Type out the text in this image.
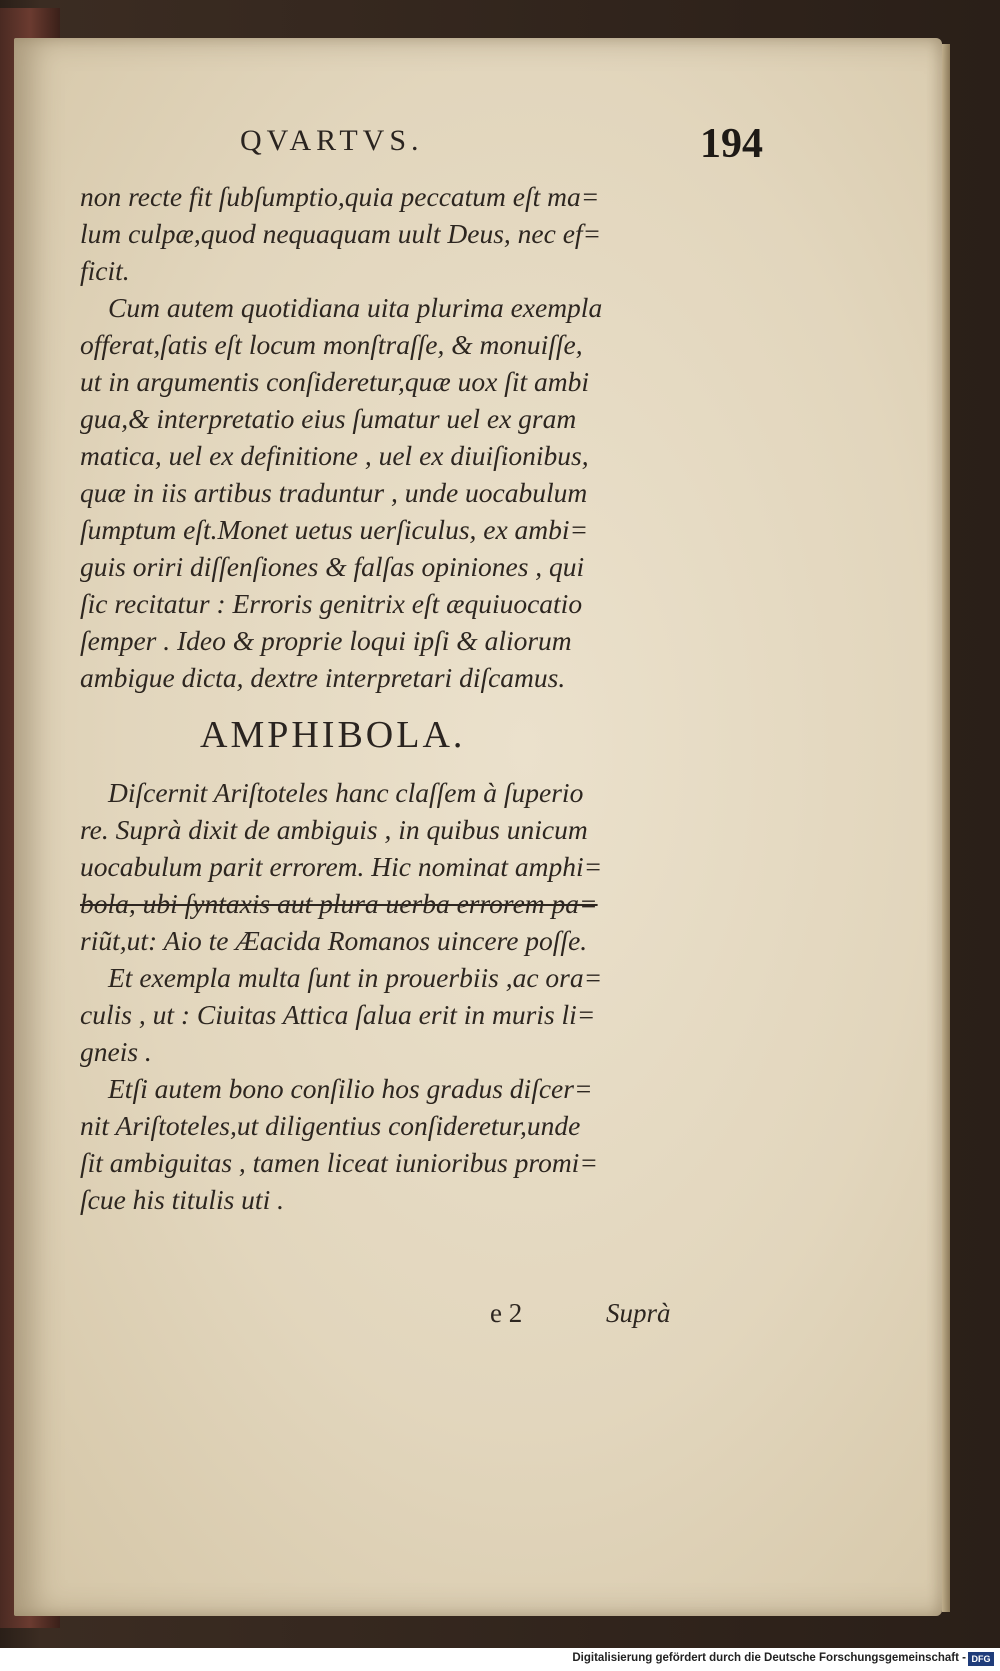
QVARTVS.	194
non recte fit ſubſumptio,quia peccatum eſt ma=
lum culpæ,quod nequaquam uult Deus, nec ef=
ficit.
Cum autem quotidiana uita plurima exempla
offerat,ſatis eſt locum monſtraſſe, & monuiſſe,
ut in argumentis conſideretur,quæ uox ſit ambi
gua,& interpretatio eius ſumatur uel ex gram
matica, uel ex definitione , uel ex diuiſionibus,
quæ in iis artibus traduntur , unde uocabulum
ſumptum eſt.Monet uetus uerſiculus, ex ambi=
guis oriri diſſenſiones & falſas opiniones , qui
ſic recitatur : Erroris genitrix eſt æquiuocatio
ſemper . Ideo & proprie loqui ipſi & aliorum
ambigue dicta, dextre interpretari diſcamus.
AMPHIBOLA.
Diſcernit Ariſtoteles hanc claſſem à ſuperio
re. Suprà dixit de ambiguis , in quibus unicum
uocabulum parit errorem. Hic nominat amphi=
bola, ubi ſyntaxis aut plura uerba errorem pa=
riũt,ut: Aio te Æacida Romanos uincere poſſe.
Et exempla multa ſunt in prouerbiis ,ac ora=
culis , ut : Ciuitas Attica ſalua erit in muris li=
gneis .
Etſi autem bono conſilio hos gradus diſcer=
nit Ariſtoteles,ut diligentius conſideretur,unde
ſit ambiguitas , tamen liceat iunioribus promi=
ſcue his titulis uti .
e 2	Suprà
Digitalisierung gefördert durch die Deutsche Forschungsgemeinschaft - DFG
